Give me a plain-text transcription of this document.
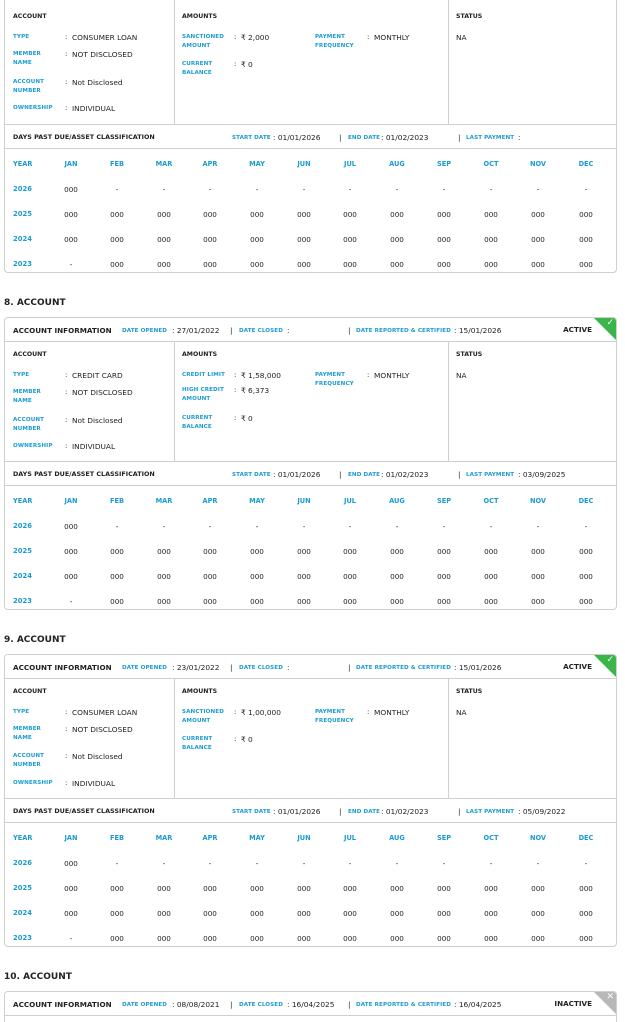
ACCOUNT	AMOUNTS	STATUS
TYPE	: CONSUMER LOAN
MEMBER
NAME
: NOT DISCLOSED
ACCOUNT
NUMBER
: Not Disclosed
OWNERSHIP : INDIVIDUAL
SANCTIONED
AMOUNT
: ₹ 2,000
CURRENT
BALANCE
: ₹ 0
PAYMENT
FREQUENCY
: MONTHLY	NA
DAYS PAST DUE/ASSET CLASSIFICATION	START DATE : 01/01/2026	| END DATE : 01/02/2023	| LAST PAYMENT :
YEAR	JAN	FEB	MAR	APR	MAY	JUN	JUL	AUG	SEP	OCT	NOV	DEC
2026	000	-	-	-	-	-	-	-	-	-	-	-
2025	000	000	000	000	000	000	000	000	000	000	000	000
2024	000	000	000	000	000	000	000	000	000	000	000	000
2023	-	000	000	000	000	000	000	000	000	000	000	000
8. ACCOUNT
ACCOUNT INFORMATION DATE OPENED : 27/01/2022 | DATE CLOSED :	| DATE REPORTED & CERTIFIED : 15/01/2026	ACTIVE
✓
ACCOUNT	AMOUNTS	STATUS
TYPE	: CREDIT CARD
MEMBER
NAME
: NOT DISCLOSED
ACCOUNT
NUMBER
: Not Disclosed
OWNERSHIP : INDIVIDUAL
CREDIT LIMIT : ₹ 1,58,000
HIGH CREDIT
AMOUNT
: ₹ 6,373
CURRENT
BALANCE
: ₹ 0
PAYMENT
FREQUENCY
: MONTHLY	NA
DAYS PAST DUE/ASSET CLASSIFICATION	START DATE : 01/01/2026	| END DATE : 01/02/2023	| LAST PAYMENT : 03/09/2025
YEAR	JAN	FEB	MAR	APR	MAY	JUN	JUL	AUG	SEP	OCT	NOV	DEC
2026	000	-	-	-	-	-	-	-	-	-	-	-
2025	000	000	000	000	000	000	000	000	000	000	000	000
2024	000	000	000	000	000	000	000	000	000	000	000	000
2023	-	000	000	000	000	000	000	000	000	000	000	000
9. ACCOUNT
ACCOUNT INFORMATION DATE OPENED : 23/01/2022 | DATE CLOSED :	| DATE REPORTED & CERTIFIED : 15/01/2026	ACTIVE
✓
ACCOUNT	AMOUNTS	STATUS
TYPE	: CONSUMER LOAN
MEMBER
NAME
: NOT DISCLOSED
ACCOUNT
NUMBER
: Not Disclosed
OWNERSHIP : INDIVIDUAL
SANCTIONED
AMOUNT
: ₹ 1,00,000
CURRENT
BALANCE
: ₹ 0
PAYMENT
FREQUENCY
: MONTHLY	NA
DAYS PAST DUE/ASSET CLASSIFICATION	START DATE : 01/01/2026	| END DATE : 01/02/2023	| LAST PAYMENT : 05/09/2022
YEAR	JAN	FEB	MAR	APR	MAY	JUN	JUL	AUG	SEP	OCT	NOV	DEC
2026	000	-	-	-	-	-	-	-	-	-	-	-
2025	000	000	000	000	000	000	000	000	000	000	000	000
2024	000	000	000	000	000	000	000	000	000	000	000	000
2023	-	000	000	000	000	000	000	000	000	000	000	000
10. ACCOUNT
ACCOUNT INFORMATION DATE OPENED : 08/08/2021 | DATE CLOSED : 16/04/2025 | DATE REPORTED & CERTIFIED : 16/04/2025	INACTIVE
✕
